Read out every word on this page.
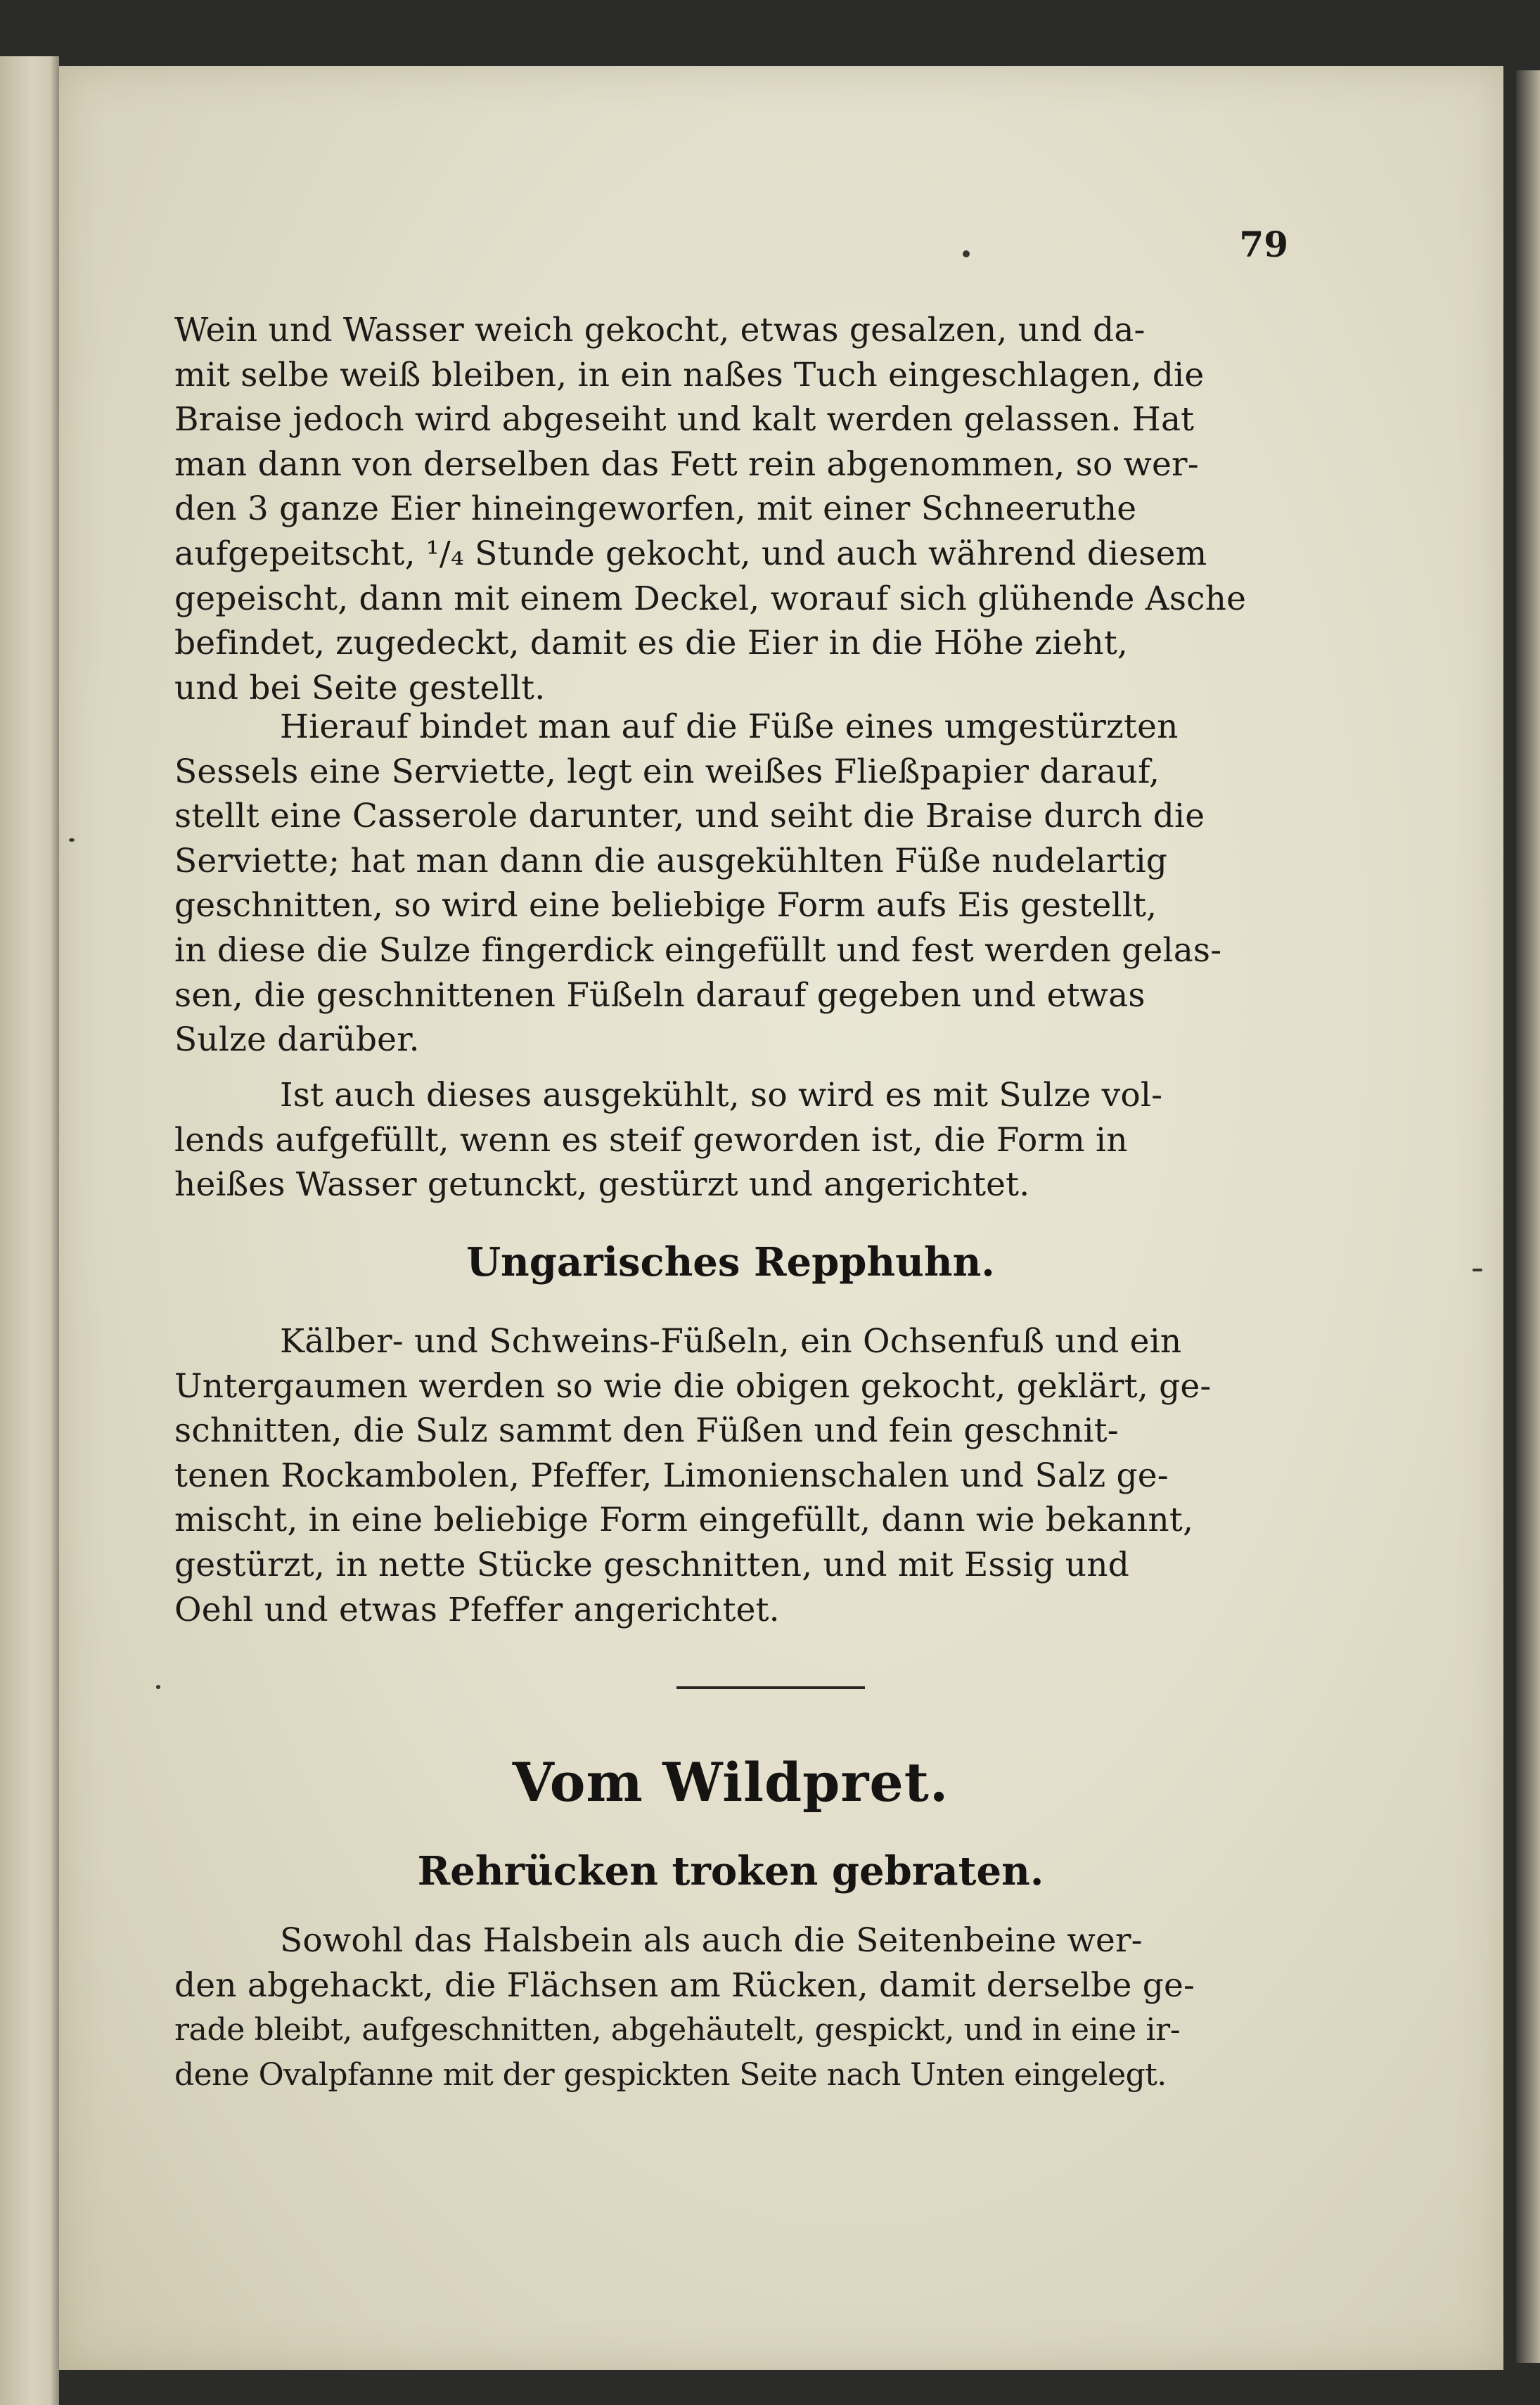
79
Wein und Wasser weich gekocht, etwas gesalzen, und da-
mit selbe weiß bleiben, in ein naßes Tuch eingeschlagen, die
Braise jedoch wird abgeseiht und kalt werden gelassen. Hat
man dann von derselben das Fett rein abgenommen, so wer-
den 3 ganze Eier hineingeworfen, mit einer Schneeruthe
aufgepeitscht, ¹/₄ Stunde gekocht, und auch während diesem
gepeischt, dann mit einem Deckel, worauf sich glühende Asche
befindet, zugedeckt, damit es die Eier in die Höhe zieht,
und bei Seite gestellt.
Hierauf bindet man auf die Füße eines umgestürzten
Sessels eine Serviette, legt ein weißes Fließpapier darauf,
stellt eine Casserole darunter, und seiht die Braise durch die
Serviette; hat man dann die ausgekühlten Füße nudelartig
geschnitten, so wird eine beliebige Form aufs Eis gestellt,
in diese die Sulze fingerdick eingefüllt und fest werden gelas-
sen, die geschnittenen Füßeln darauf gegeben und etwas
Sulze darüber.
Ist auch dieses ausgekühlt, so wird es mit Sulze vol-
lends aufgefüllt, wenn es steif geworden ist, die Form in
heißes Wasser getunckt, gestürzt und angerichtet.
Ungarisches Repphuhn.
Kälber- und Schweins-Füßeln, ein Ochsenfuß und ein
Untergaumen werden so wie die obigen gekocht, geklärt, ge-
schnitten, die Sulz sammt den Füßen und fein geschnit-
tenen Rockambolen, Pfeffer, Limonienschalen und Salz ge-
mischt, in eine beliebige Form eingefüllt, dann wie bekannt,
gestürzt, in nette Stücke geschnitten, und mit Essig und
Oehl und etwas Pfeffer angerichtet.
Vom Wildpret.
Rehrücken troken gebraten.
Sowohl das Halsbein als auch die Seitenbeine wer-
den abgehackt, die Flächsen am Rücken, damit derselbe ge-
rade bleibt, aufgeschnitten, abgehäutelt, gespickt, und in eine ir-
dene Ovalpfanne mit der gespickten Seite nach Unten eingelegt.
